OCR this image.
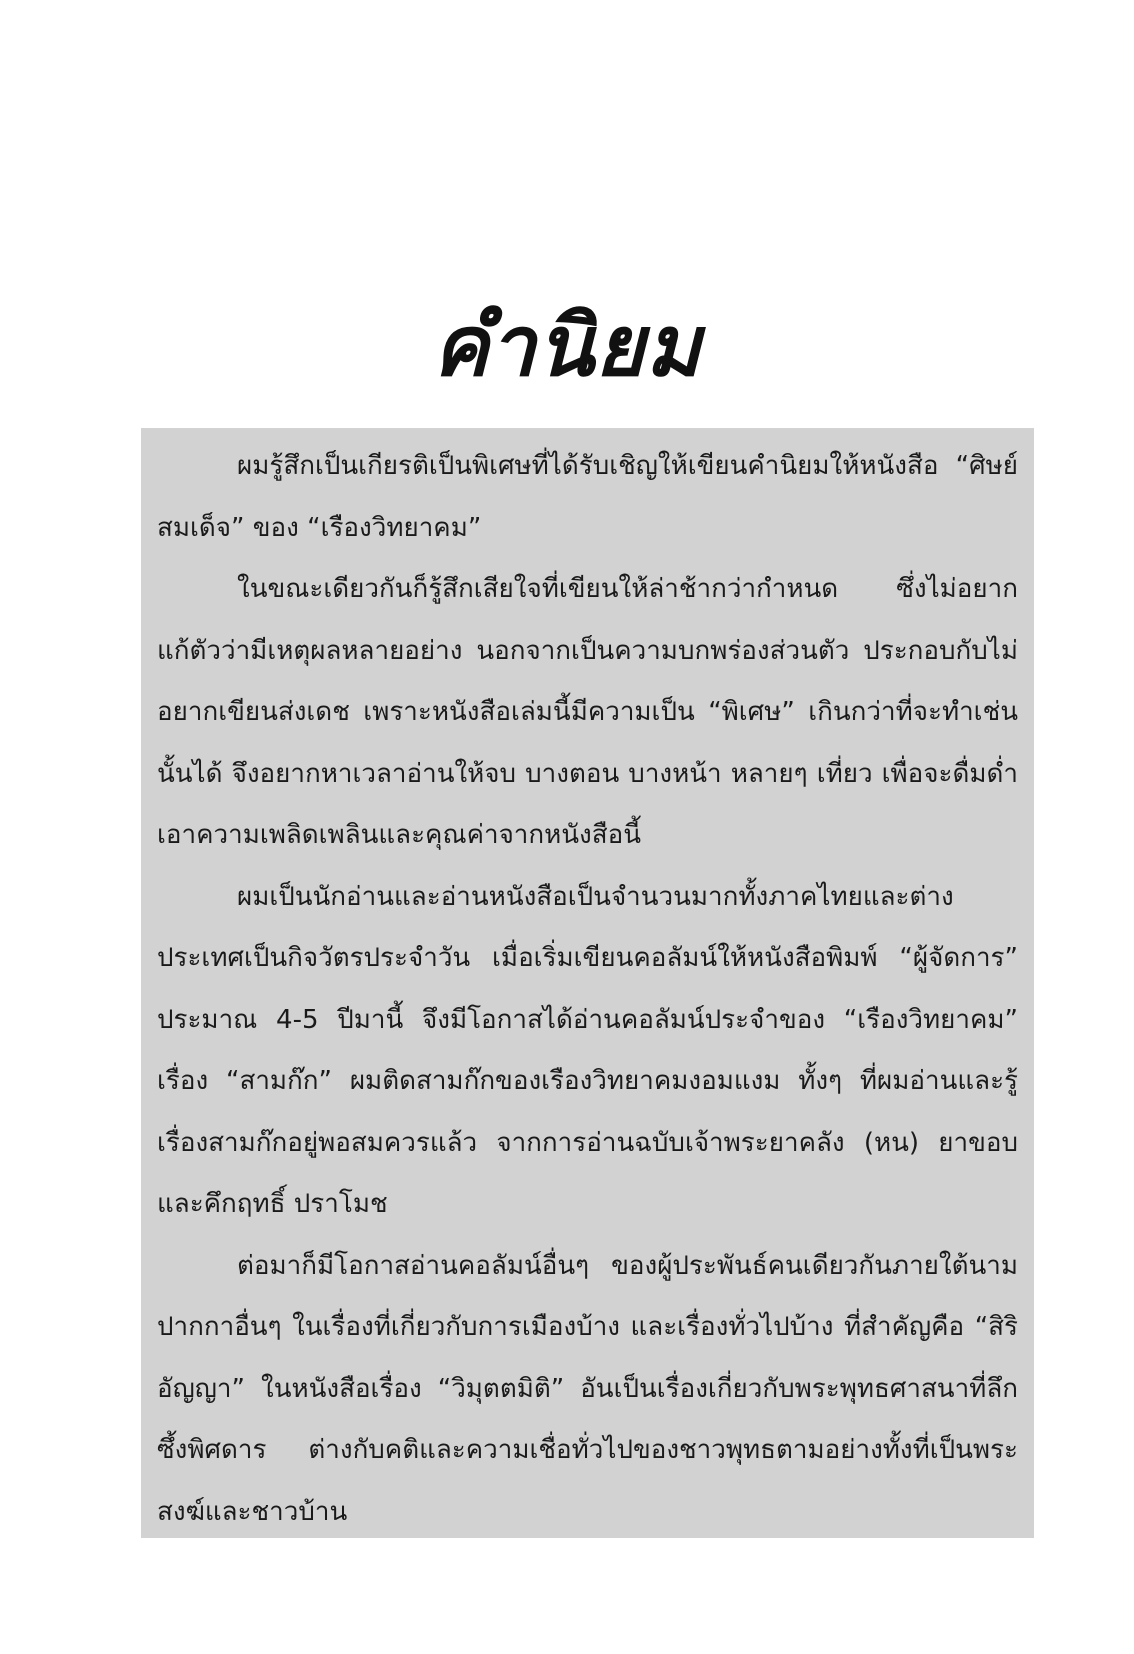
คำนิยม

ผมรู้สึกเป็นเกียรติเป็นพิเศษที่ได้รับเชิญให้เขียนคำนิยมให้หนังสือ “ศิษย์สมเด็จ” ของ “เรืองวิทยาคม”

ในขณะเดียวกันก็รู้สึกเสียใจที่เขียนให้ล่าช้ากว่ากำหนด ซึ่งไม่อยากแก้ตัวว่ามีเหตุผลหลายอย่าง นอกจากเป็นความบกพร่องส่วนตัว ประกอบกับไม่อยากเขียนส่งเดช เพราะหนังสือเล่มนี้มีความเป็น “พิเศษ” เกินกว่าที่จะทำเช่นนั้นได้ จึงอยากหาเวลาอ่านให้จบ บางตอน บางหน้า หลายๆ เที่ยว เพื่อจะดื่มด่ำเอาความเพลิดเพลินและคุณค่าจากหนังสือนี้

ผมเป็นนักอ่านและอ่านหนังสือเป็นจำนวนมากทั้งภาคไทยและต่างประเทศเป็นกิจวัตรประจำวัน เมื่อเริ่มเขียนคอลัมน์ให้หนังสือพิมพ์ “ผู้จัดการ” ประมาณ 4-5 ปีมานี้ จึงมีโอกาสได้อ่านคอลัมน์ประจำของ “เรืองวิทยาคม” เรื่อง “สามก๊ก” ผมติดสามก๊กของเรืองวิทยาคมงอมแงม ทั้งๆ ที่ผมอ่านและรู้เรื่องสามก๊กอยู่พอสมควรแล้ว จากการอ่านฉบับเจ้าพระยาคลัง (หน) ยาขอบ และคึกฤทธิ์ ปราโมช

ต่อมาก็มีโอกาสอ่านคอลัมน์อื่นๆ ของผู้ประพันธ์คนเดียวกันภายใต้นามปากกาอื่นๆ ในเรื่องที่เกี่ยวกับการเมืองบ้าง และเรื่องทั่วไปบ้าง ที่สำคัญคือ “สิริอัญญา” ในหนังสือเรื่อง “วิมุตตมิติ” อันเป็นเรื่องเกี่ยวกับพระพุทธศาสนาที่ลึกซึ้งพิศดาร ต่างกับคติและความเชื่อทั่วไปของชาวพุทธตามอย่างทั้งที่เป็นพระสงฆ์และชาวบ้าน
